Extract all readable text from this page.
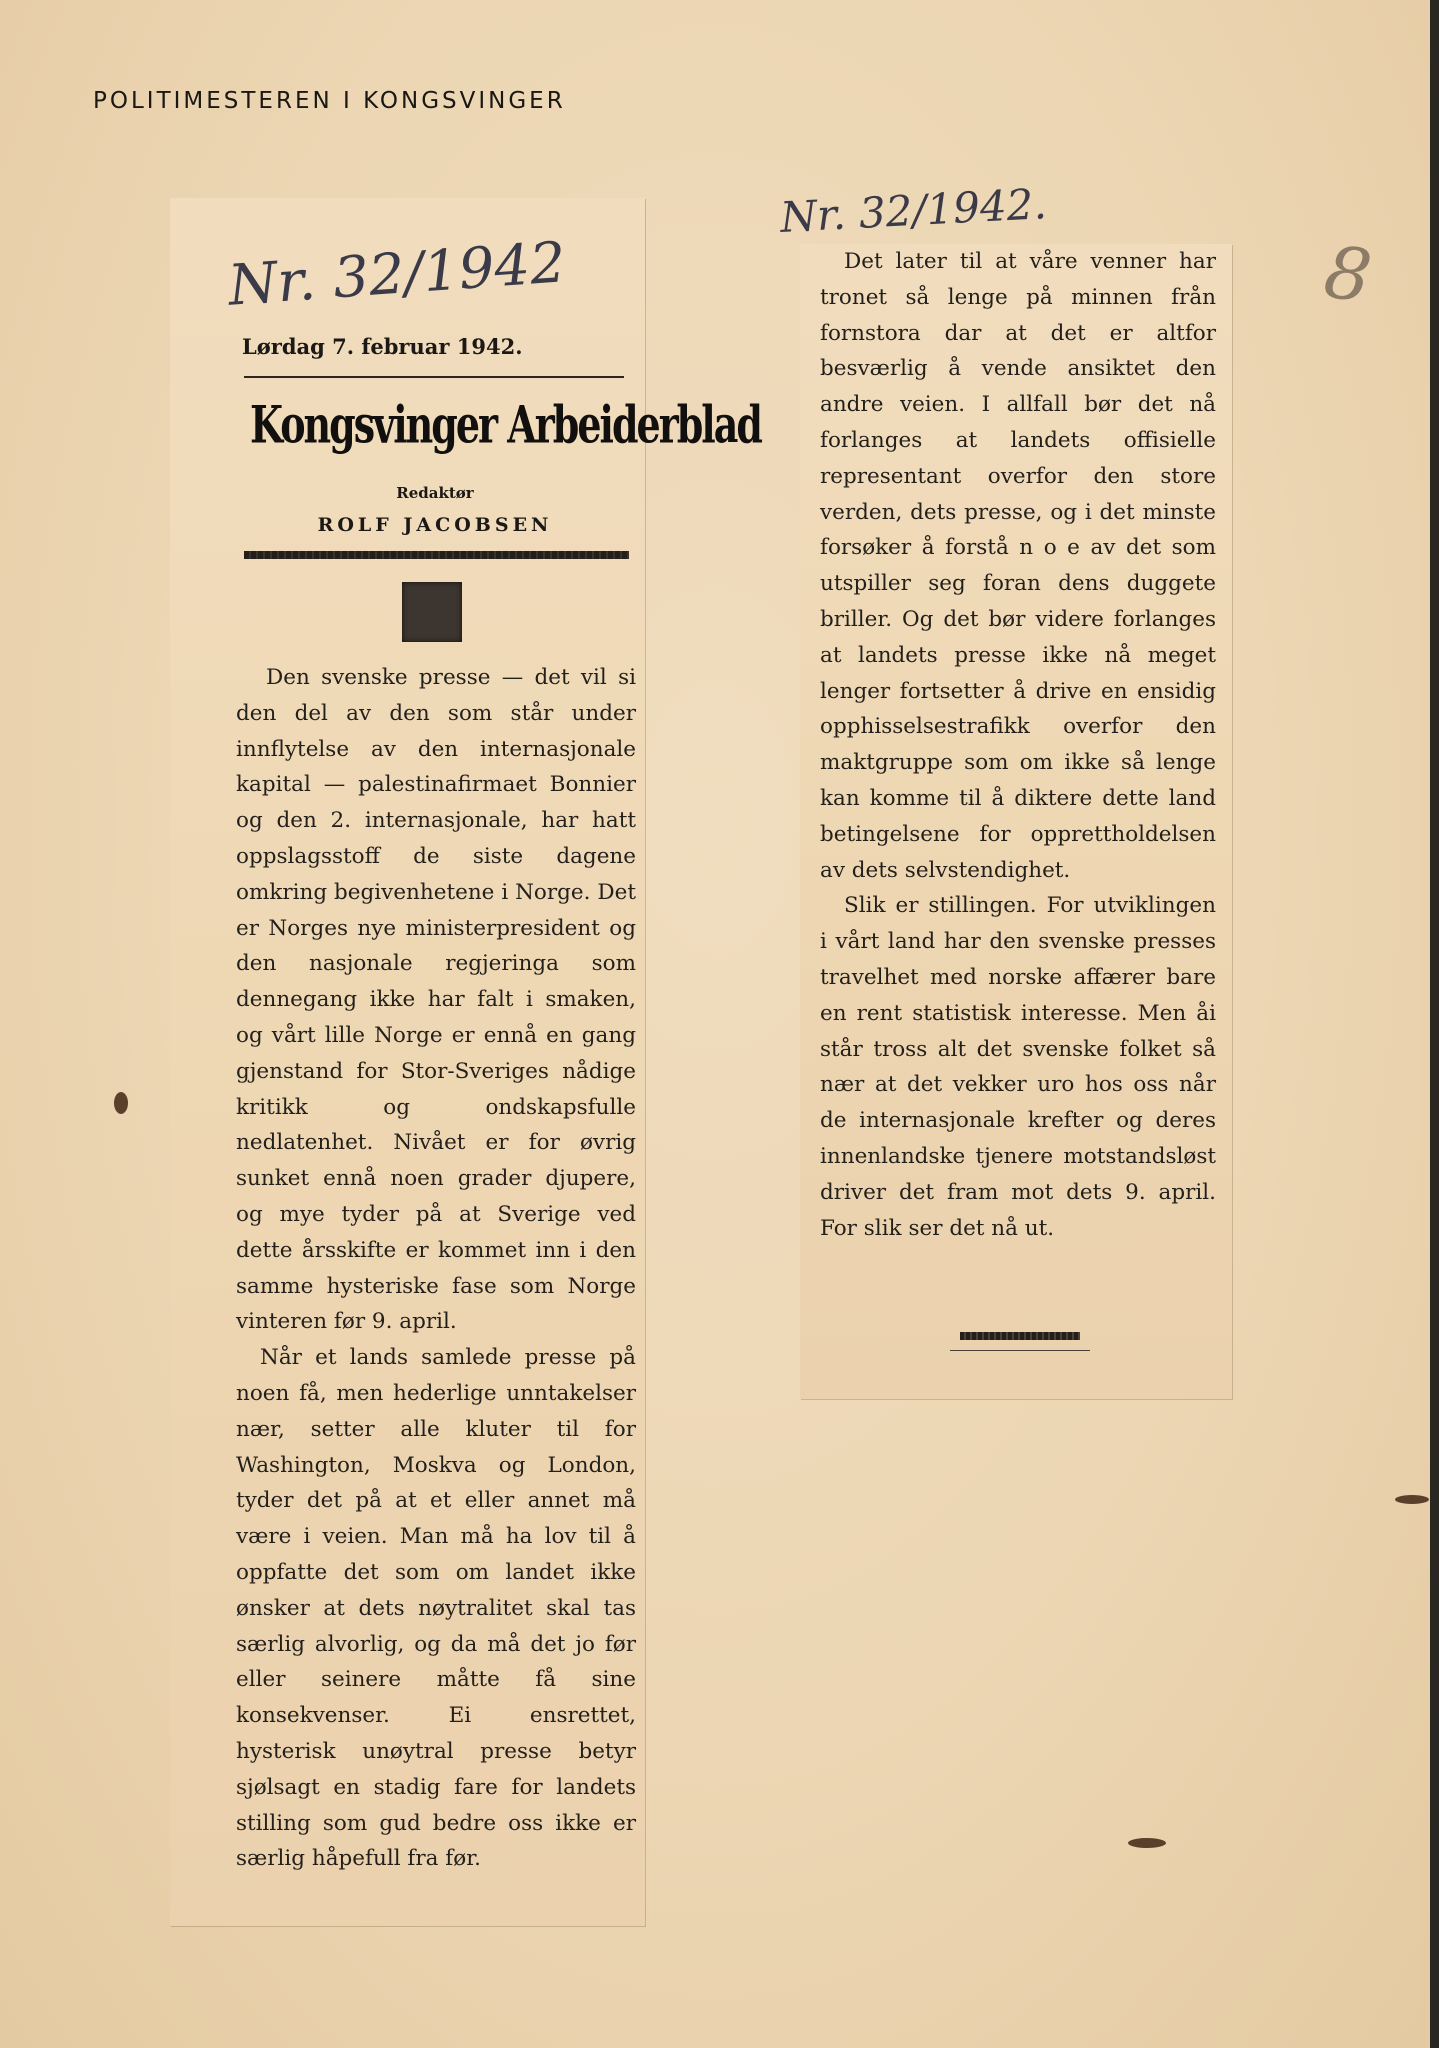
POLITIMESTEREN I KONGSVINGER
8
Nr. 32/1942
Lørdag 7. februar 1942.
Kongsvinger Arbeiderblad
Redaktør
ROLF JACOBSEN

Den svenske presse — det vil si den del av den som står under innflytelse av den internasjonale kapital — palestinafirmaet Bonnier og den 2. internasjonale, har hatt oppslagsstoff de siste dagene omkring begivenhetene i Norge. Det er Norges nye ministerpresident og den nasjonale regjeringa som dennegang ikke har falt i smaken, og vårt lille Norge er ennå en gang gjenstand for Stor-Sveriges nådige kritikk og ondskapsfulle nedlatenhet. Nivået er for øvrig sunket ennå noen grader djupere, og mye tyder på at Sverige ved dette årsskifte er kommet inn i den samme hysteriske fase som Norge vinteren før 9. april.

Når et lands samlede presse på noen få, men hederlige unntakelser nær, setter alle kluter til for Washington, Moskva og London, tyder det på at et eller annet må være i veien. Man må ha lov til å oppfatte det som om landet ikke ønsker at dets nøytralitet skal tas særlig alvorlig, og da må det jo før eller seinere måtte få sine konsekvenser. Ei ensrettet, hysterisk unøytral presse betyr sjølsagt en stadig fare for landets stilling som gud bedre oss ikke er særlig håpefull fra før.

Nr. 32/1942.

Det later til at våre venner har tronet så lenge på minnen från fornstora dar at det er altfor besværlig å vende ansiktet den andre veien. I allfall bør det nå forlanges at landets offisielle representant overfor den store verden, dets presse, og i det minste forsøker å forstå n o e av det som utspiller seg foran dens duggete briller. Og det bør videre forlanges at landets presse ikke nå meget lenger fortsetter å drive en ensidig opphisselsestrafikk overfor den maktgruppe som om ikke så lenge kan komme til å diktere dette land betingelsene for opprettholdelsen av dets selvstendighet.

Slik er stillingen. For utviklingen i vårt land har den svenske presses travelhet med norske affærer bare en rent statistisk interesse. Men åi står tross alt det svenske folket så nær at det vekker uro hos oss når de internasjonale krefter og deres innenlandske tjenere motstandsløst driver det fram mot dets 9. april. For slik ser det nå ut.
